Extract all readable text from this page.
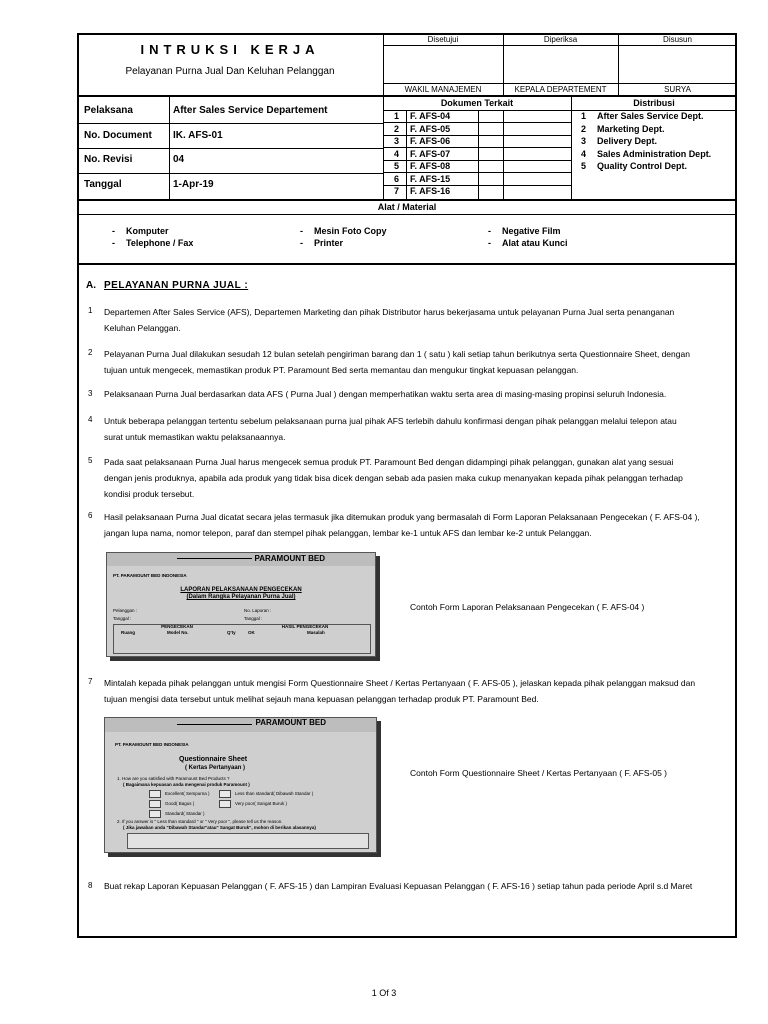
INTRUKSI KERJA
Pelayanan Purna Jual Dan Keluhan Pelanggan
Disetujui	Diperiksa	Disusun
WAKIL MANAJEMEN	KEPALA DEPARTEMENT	SURYA
Pelaksana	After Sales Service Departement
No. Document IK. AFS-01
No. Revisi	04
Tanggal	1-Apr-19
Dokumen Terkait	Distribusi
1 F. AFS-04
2 F. AFS-05
3 F. AFS-06
4 F. AFS-07
5 F. AFS-08
6 F. AFS-15
7 F. AFS-16
1 After Sales Service Dept.
2 Marketing Dept.
3 Delivery Dept.
4 Sales Administration Dept.
5 Quality Control Dept.
Alat / Material
- Komputer
- Telephone / Fax
- Mesin Foto Copy
- Printer
- Negative Film
- Alat atau Kunci
A. PELAYANAN PURNA JUAL :
1 Departemen After Sales Service (AFS), Departemen Marketing dan pihak Distributor harus bekerjasama untuk pelayanan Purna Jual serta penanganan
Keluhan Pelanggan.
2 Pelayanan Purna Jual dilakukan sesudah 12 bulan setelah pengiriman barang dan 1 ( satu ) kali setiap tahun berikutnya serta Questionnaire Sheet, dengan
tujuan untuk mengecek, memastikan produk PT. Paramount Bed serta memantau dan mengukur tingkat kepuasan pelanggan.
3 Pelaksanaan Purna Jual berdasarkan data AFS ( Purna Jual ) dengan memperhatikan waktu serta area di masing-masing propinsi seluruh Indonesia.
4 Untuk beberapa pelanggan tertentu sebelum pelaksanaan purna jual pihak AFS terlebih dahulu konfirmasi dengan pihak pelanggan melalui telepon atau
surat untuk memastikan waktu pelaksanaannya.
5 Pada saat pelaksanaan Purna Jual harus mengecek semua produk PT. Paramount Bed dengan didampingi pihak pelanggan, gunakan alat yang sesuai
dengan jenis produknya, apabila ada produk yang tidak bisa dicek dengan sebab ada pasien maka cukup menanyakan kepada pihak pelanggan terhadap
kondisi produk tersebut.
6 Hasil pelaksanaan Purna Jual dicatat secara jelas termasuk jika ditemukan produk yang bermasalah di Form Laporan Pelaksanaan Pengecekan ( F. AFS-04 ),
jangan lupa nama, nomor telepon, paraf dan stempel pihak pelanggan, lembar ke-1 untuk AFS dan lembar ke-2 untuk Pelanggan.
PARAMOUNT BED
PT. PARAMOUNT BED INDONESIA
LAPORAN PELAKSANAAN PENGECEKAN
(Dalam Rangka Pelayanan Purna Jual)
Pelanggan :	No. Laporan :
Tanggal :	Tanggal :
PENGECEKAN	HASIL PENGECEKAN
Ruang	Model No.	Q'ty	OK	Masalah
Contoh Form Laporan Pelaksanaan Pengecekan ( F. AFS-04 )
7 Mintalah kepada pihak pelanggan untuk mengisi Form Questionnaire Sheet / Kertas Pertanyaan ( F. AFS-05 ), jelaskan kepada pihak pelanggan maksud dan
tujuan mengisi data tersebut untuk melihat sejauh mana kepuasan pelanggan terhadap produk PT. Paramount Bed.
PARAMOUNT BED
PT. PARAMOUNT BED INDONESIA
Questionnaire Sheet
( Kertas Pertanyaan )
1. How are you satisfied with Paramount Bed Products ?
( Bagaimana kepuasan anda mengenai produk Paramount )
Excellent( Sempurna )	Less than standard( Dibawah Standar )
Good( Bagus )	Very poor( Sangat Buruk )
Standard( Standar )
2. If you answer is " Less than standard " or " Very poor ", please tell us the reason.
( Jika jawaban anda "Dibawah Standar"atau" Sangat Buruk", mohon di berikan alasannya)
Contoh Form Questionnaire Sheet / Kertas Pertanyaan ( F. AFS-05 )
8 Buat rekap Laporan Kepuasan Pelanggan ( F. AFS-15 ) dan Lampiran Evaluasi Kepuasan Pelanggan ( F. AFS-16 ) setiap tahun pada periode April s.d Maret
1 Of 3
